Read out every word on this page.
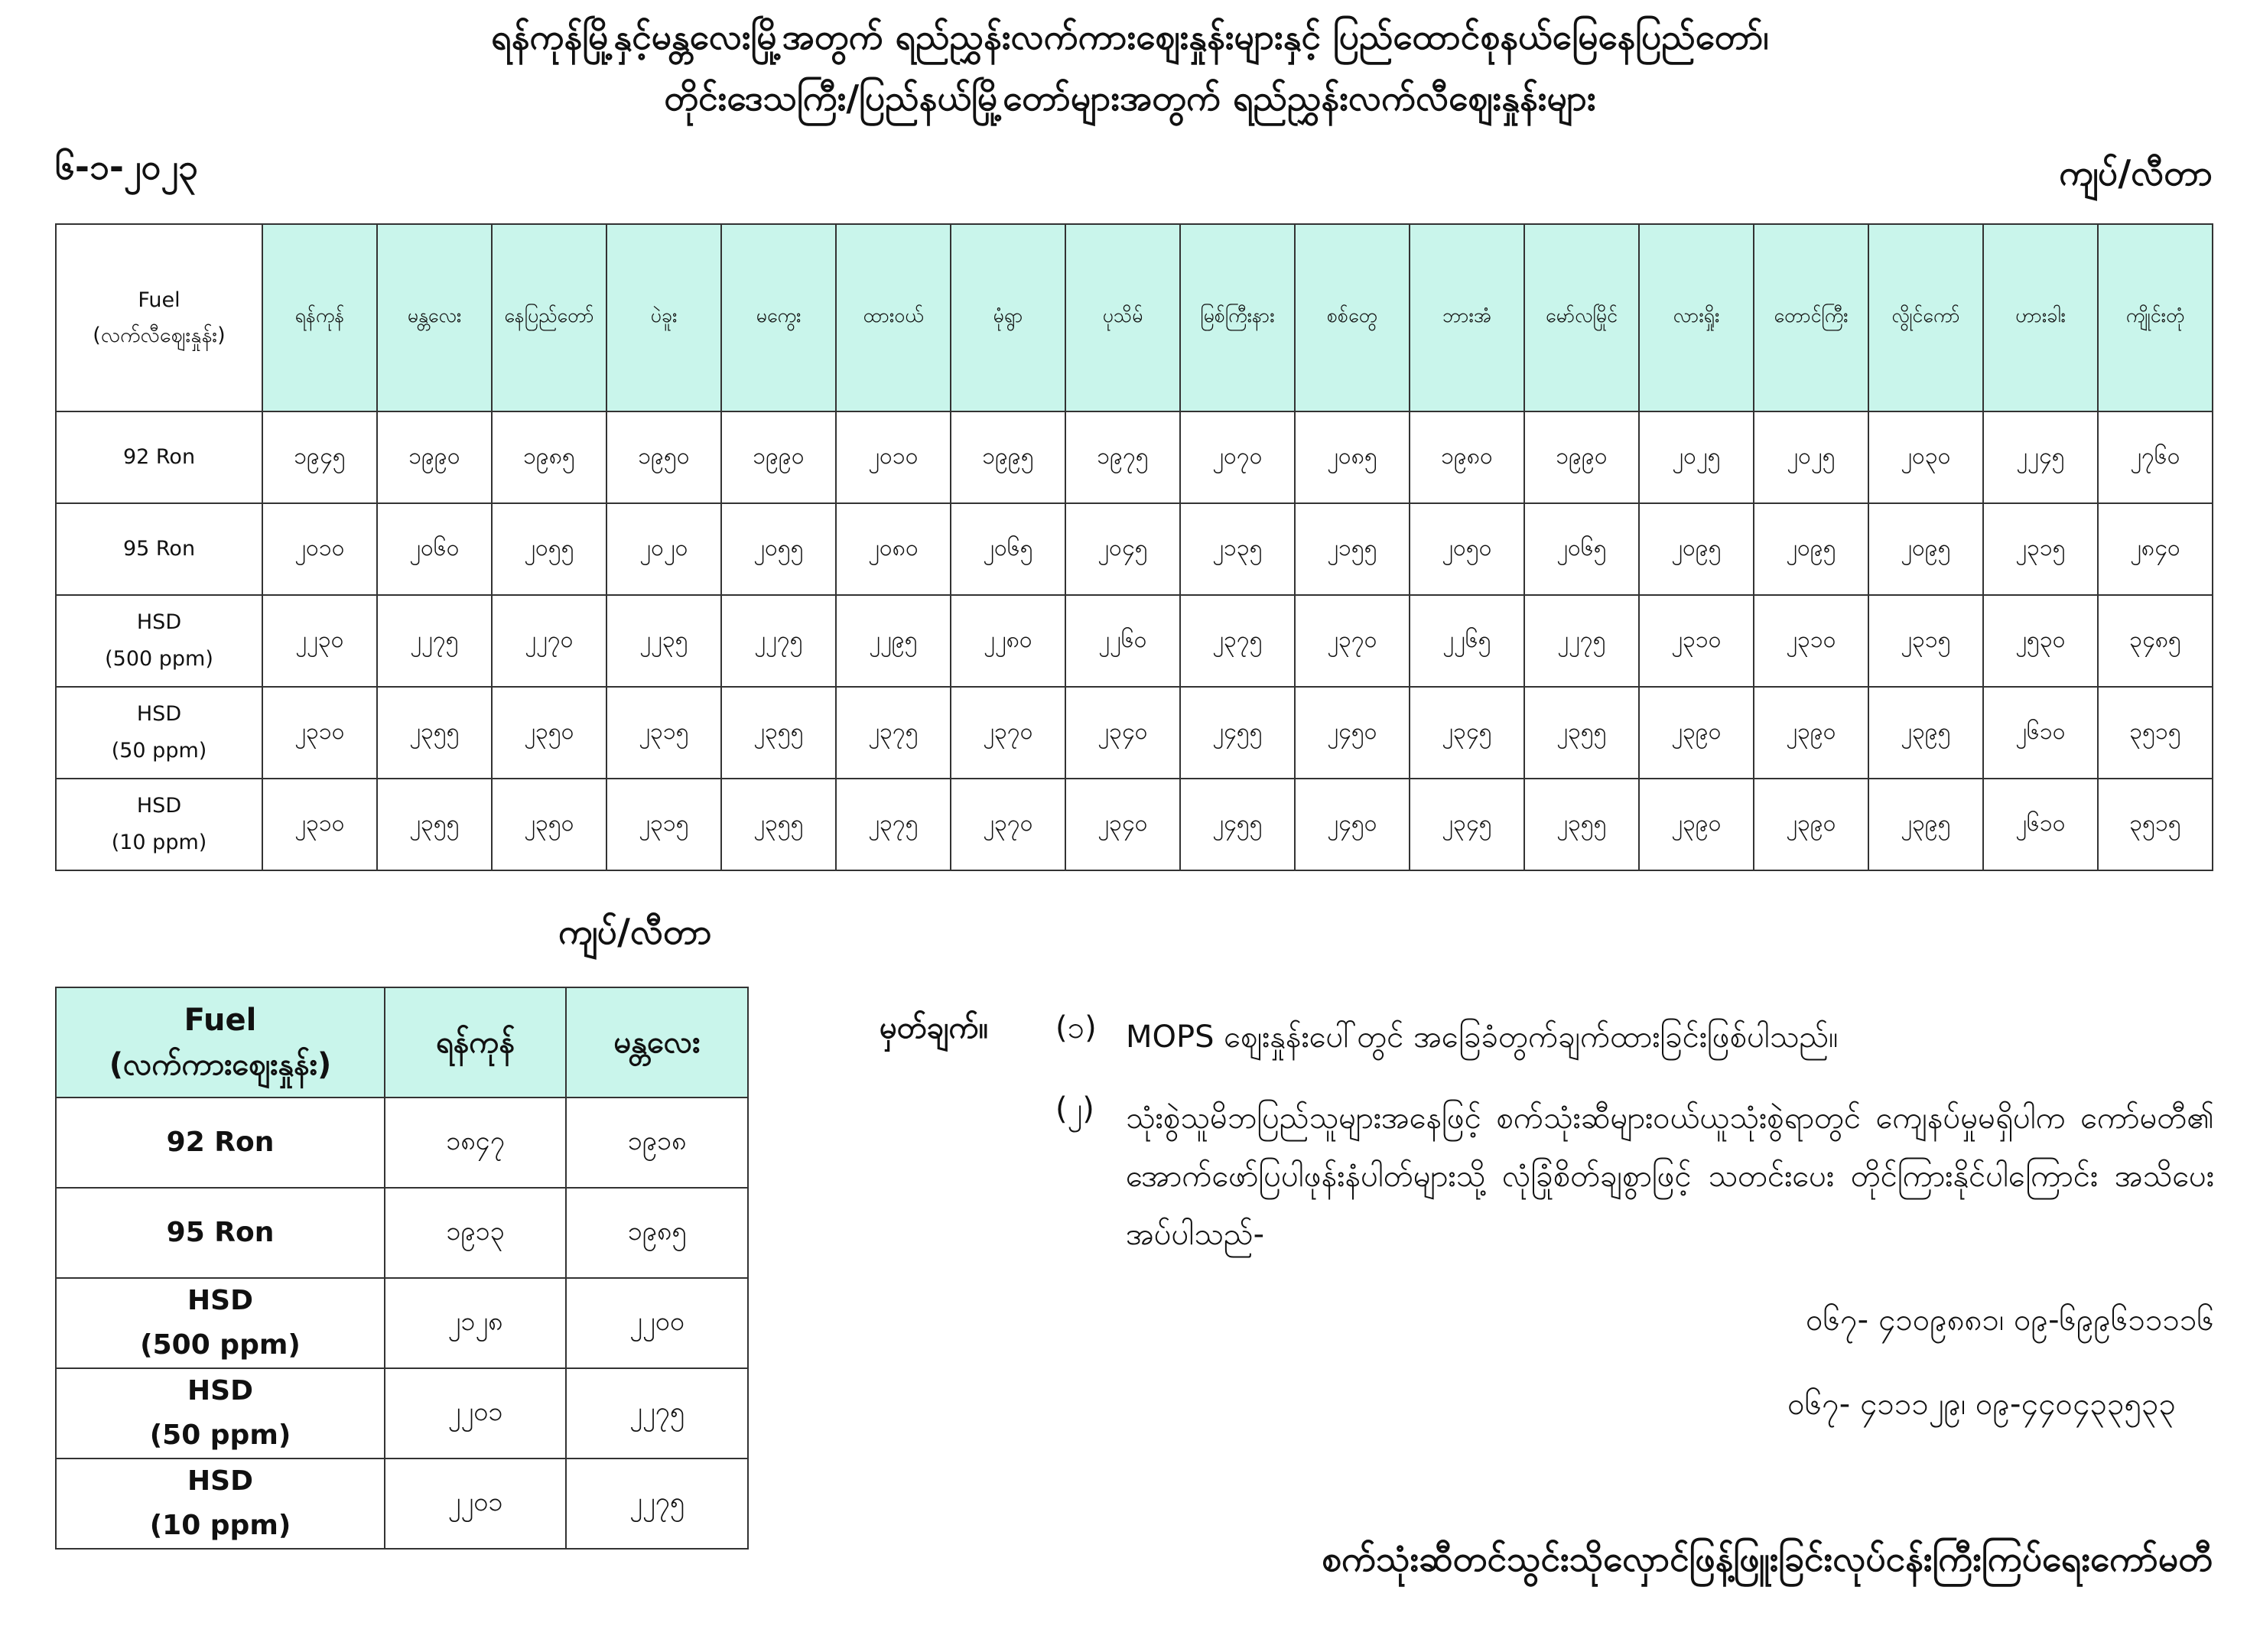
ရန်ကုန်မြို့နှင့်မန္တလေးမြို့အတွက် ရည်ညွှန်းလက်ကားဈေးနှုန်းများနှင့် ပြည်ထောင်စုနယ်မြေနေပြည်တော်၊
တိုင်းဒေသကြီး/ပြည်နယ်မြို့တော်များအတွက် ရည်ညွှန်းလက်လီဈေးနှုန်းများ
၆-၁-၂၀၂၃	ကျပ်/လီတာ
Fuel
(လက်လီဈေးနှုန်း)	ရန်ကုန်	မန္တလေး	နေပြည်တော်	ပဲခူး	မကွေး	ထားဝယ်	မုံရွာ	ပုသိမ်	မြစ်ကြီးနား	စစ်တွေ	ဘားအံ	မော်လမြိုင်	လားရှိုး	တောင်ကြီး	လွိုင်ကော်	ဟားခါး	ကျိုင်းတုံ
92 Ron	၁၉၄၅	၁၉၉၀	၁၉၈၅	၁၉၅၀	၁၉၉၀	၂၀၁၀	၁၉၉၅	၁၉၇၅	၂၀၇၀	၂၀၈၅	၁၉၈၀	၁၉၉၀	၂၀၂၅	၂၀၂၅	၂၀၃၀	၂၂၄၅	၂၇၆၀
95 Ron	၂၀၁၀	၂၀၆၀	၂၀၅၅	၂၀၂၀	၂၀၅၅	၂၀၈၀	၂၀၆၅	၂၀၄၅	၂၁၃၅	၂၁၅၅	၂၀၅၀	၂၀၆၅	၂၀၉၅	၂၀၉၅	၂၀၉၅	၂၃၁၅	၂၈၄၀
HSD
(500 ppm)	၂၂၃၀	၂၂၇၅	၂၂၇၀	၂၂၃၅	၂၂၇၅	၂၂၉၅	၂၂၈၀	၂၂၆၀	၂၃၇၅	၂၃၇၀	၂၂၆၅	၂၂၇၅	၂၃၁၀	၂၃၁၀	၂၃၁၅	၂၅၃၀	၃၄၈၅
HSD
(50 ppm)	၂၃၁၀	၂၃၅၅	၂၃၅၀	၂၃၁၅	၂၃၅၅	၂၃၇၅	၂၃၇၀	၂၃၄၀	၂၄၅၅	၂၄၅၀	၂၃၄၅	၂၃၅၅	၂၃၉၀	၂၃၉၀	၂၃၉၅	၂၆၁၀	၃၅၁၅
HSD
(10 ppm)	၂၃၁၀	၂၃၅၅	၂၃၅၀	၂၃၁၅	၂၃၅၅	၂၃၇၅	၂၃၇၀	၂၃၄၀	၂၄၅၅	၂၄၅၀	၂၃၄၅	၂၃၅၅	၂၃၉၀	၂၃၉၀	၂၃၉၅	၂၆၁၀	၃၅၁၅
ကျပ်/လီတာ
Fuel
(လက်ကားဈေးနှုန်း)	ရန်ကုန်	မန္တလေး
92 Ron	၁၈၄၇	၁၉၁၈
95 Ron	၁၉၁၃	၁၉၈၅
HSD
(500 ppm)	၂၁၂၈	၂၂၀၀
HSD
(50 ppm)	၂၂၀၁	၂၂၇၅
HSD
(10 ppm)	၂၂၀၁	၂၂၇၅
မှတ်ချက်။ (၁) MOPS ဈေးနှုန်းပေါ်တွင် အခြေခံတွက်ချက်ထားခြင်းဖြစ်ပါသည်။
(၂) သုံးစွဲသူမိဘပြည်သူများအနေဖြင့် စက်သုံးဆီများဝယ်ယူသုံးစွဲရာတွင် ကျေနပ်မှုမရှိပါက ကော်မတီ၏ အောက်ဖော်ပြပါဖုန်းနံပါတ်များသို့ လုံခြုံစိတ်ချစွာဖြင့် သတင်းပေး တိုင်ကြားနိုင်ပါကြောင်း အသိပေးအပ်ပါသည်-
၀၆၇- ၄၁၀၉၈၈၁၊ ၀၉-၆၉၉၆၁၁၁၁၆
၀၆၇- ၄၁၁၁၂၉၊ ၀၉-၄၄၀၄၃၃၅၃၃
စက်သုံးဆီတင်သွင်းသိုလှောင်ဖြန့်ဖြူးခြင်းလုပ်ငန်းကြီးကြပ်ရေးကော်မတီ
